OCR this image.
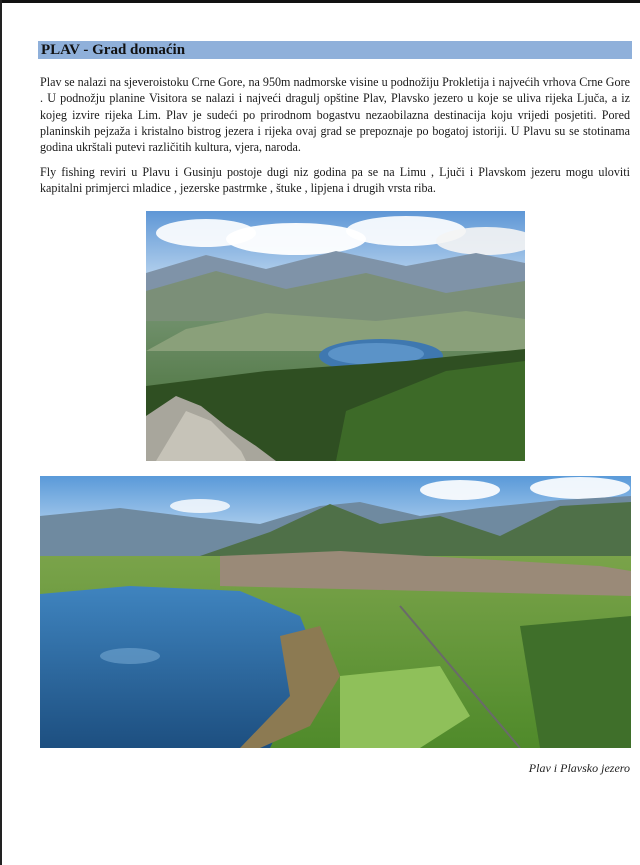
PLAV - Grad domaćin

Plav se nalazi na sjeveroistoku Crne Gore, na 950m nadmorske visine u podnožiju Prokletija i najvećih vrhova Crne Gore . U podnožju planine Visitora se nalazi i najveći dragulj opštine Plav, Plavsko jezero u koje se uliva rijeka Ljuča, a iz kojeg izvire rijeka Lim. Plav je sudeći po prirodnom bogastvu nezaobilazna destinacija koju vrijedi posjetiti. Pored planinskih pejzaža i kristalno bistrog jezera i rijeka ovaj grad se prepoznaje po bogatoj istoriji. U Plavu su se stotinama godina ukrštali putevi različitih kultura, vjera, naroda.

Fly fishing reviri u Plavu i Gusinju postoje dugi niz godina pa se na Limu , Ljuči i Plavskom jezeru mogu uloviti kapitalni primjerci mladice , jezerske pastrmke , štuke , lipjena i drugih vrsta riba.

Plav i Plavsko jezero
